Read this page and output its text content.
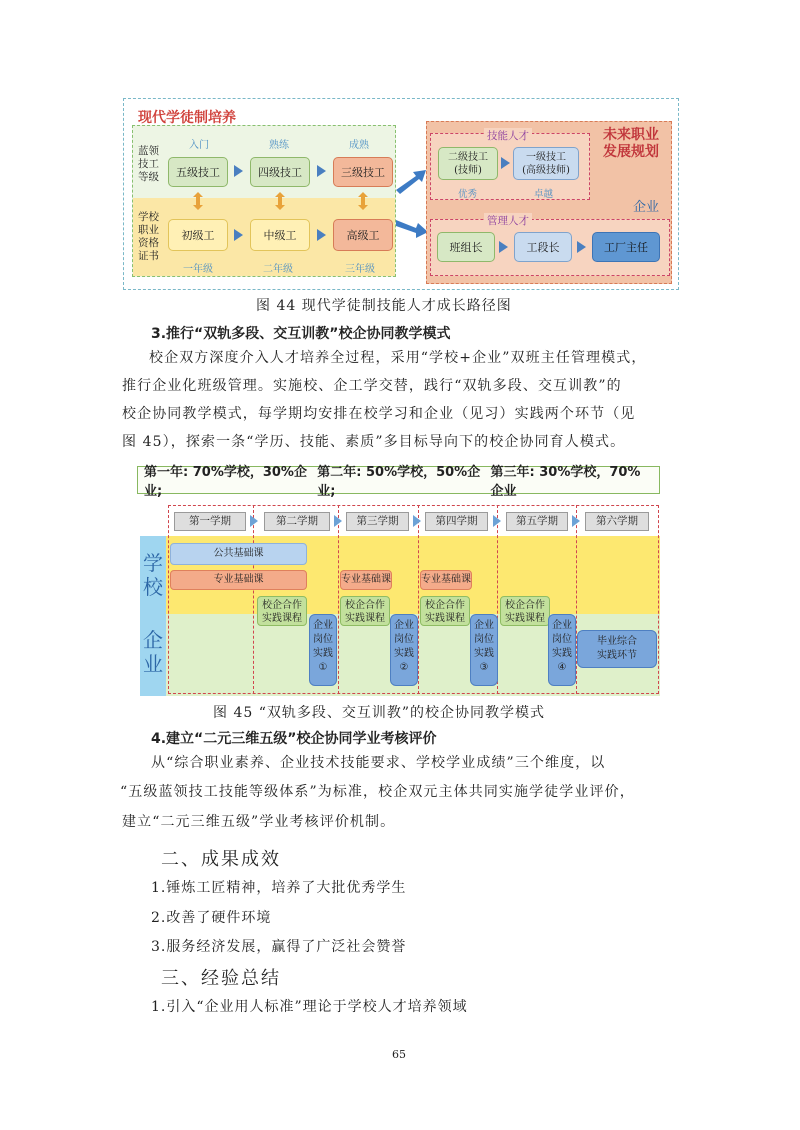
现代学徒制培养
入门	熟练	成熟
蓝领
技工
等级
学校
职业
资格
证书
五级技工	四级技工	三级技工
初级工	中级工	高级工
一年级	二年级	三年级
技能人才
管理人才
未来职业
发展规划
企业
二级技工
(技师)
一级技工
(高级技师)
优秀	卓越
班组长	工段长	工厂主任
图 44 现代学徒制技能人才成长路径图
3.推行“双轨多段、交互训教”校企协同教学模式
校企双方深度介入人才培养全过程，采用“学校+企业”双班主任管理模式，
推行企业化班级管理。实施校、企工学交替，践行“双轨多段、交互训教”的
校企协同教学模式，每学期均安排在校学习和企业（见习）实践两个环节（见
图 45），探索一条“学历、技能、素质”多目标导向下的校企协同育人模式。
第一年: 70%学校，30%企业;
第二年: 50%学校，50%企业;
第三年: 30%学校，70%企业
学
校
企
业
第一学期	第二学期	第三学期	第四学期	第五学期	第六学期
公共基础课
专业基础课	专业基础课	专业基础课
校企合作
实践课程
校企合作
实践课程
校企合作
实践课程
校企合作
实践课程
企业
岗位
实践
①
企业
岗位
实践
②
企业
岗位
实践
③
企业
岗位
实践
④
毕业综合
实践环节
图 45 “双轨多段、交互训教”的校企协同教学模式
4.建立“二元三维五级”校企协同学业考核评价
从“综合职业素养、企业技术技能要求、学校学业成绩”三个维度，以
“五级蓝领技工技能等级体系”为标准，校企双元主体共同实施学徒学业评价，
建立“二元三维五级”学业考核评价机制。
二、成果成效
1.锤炼工匠精神，培养了大批优秀学生
2.改善了硬件环境
3.服务经济发展，赢得了广泛社会赞誉
三、经验总结
1.引入“企业用人标准”理论于学校人才培养领域
65
